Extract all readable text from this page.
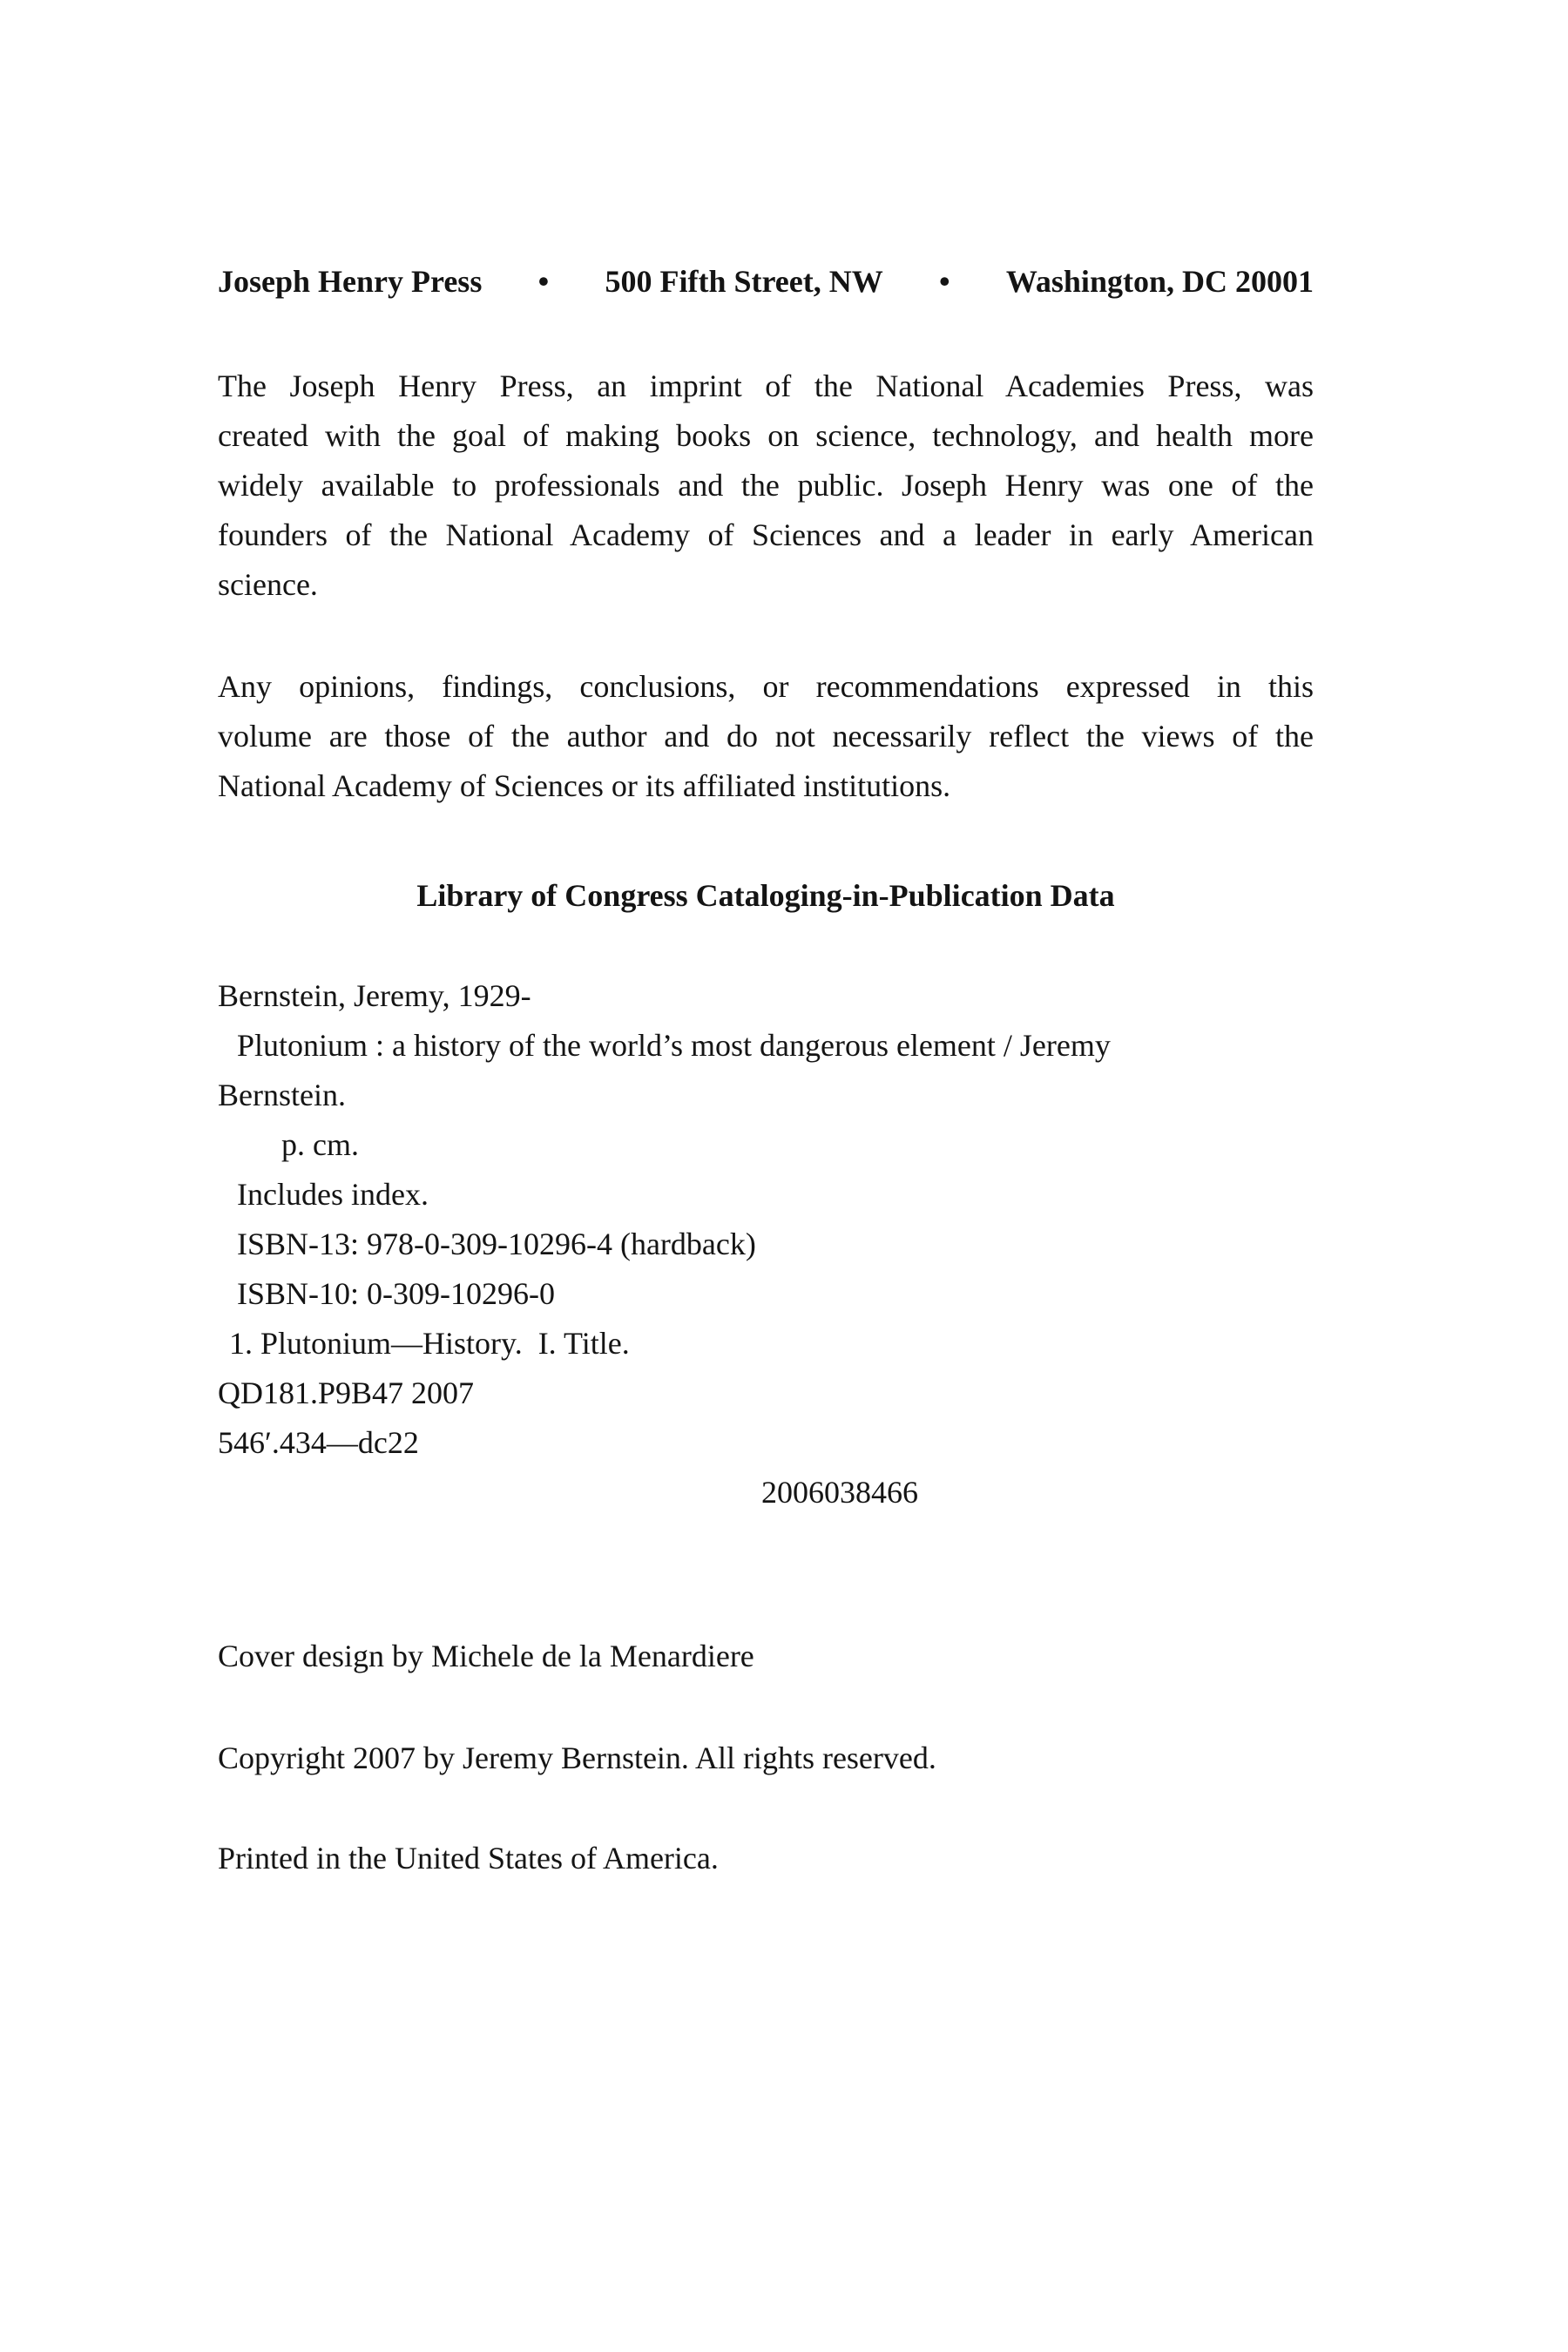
Joseph Henry Press • 500 Fifth Street, NW • Washington, DC 20001
The Joseph Henry Press, an imprint of the National Academies Press, was
created with the goal of making books on science, technology, and health more
widely available to professionals and the public. Joseph Henry was one of the
founders of the National Academy of Sciences and a leader in early American
science.
Any opinions, findings, conclusions, or recommendations expressed in this
volume are those of the author and do not necessarily reflect the views of the
National Academy of Sciences or its affiliated institutions.
Library of Congress Cataloging-in-Publication Data
Bernstein, Jeremy, 1929-
Plutonium : a history of the world’s most dangerous element / Jeremy
Bernstein.
p. cm.
Includes index.
ISBN-13: 978-0-309-10296-4 (hardback)
ISBN-10: 0-309-10296-0
1. Plutonium—History.  I. Title.
QD181.P9B47 2007
546′.434—dc22
2006038466
Cover design by Michele de la Menardiere
Copyright 2007 by Jeremy Bernstein. All rights reserved.
Printed in the United States of America.
